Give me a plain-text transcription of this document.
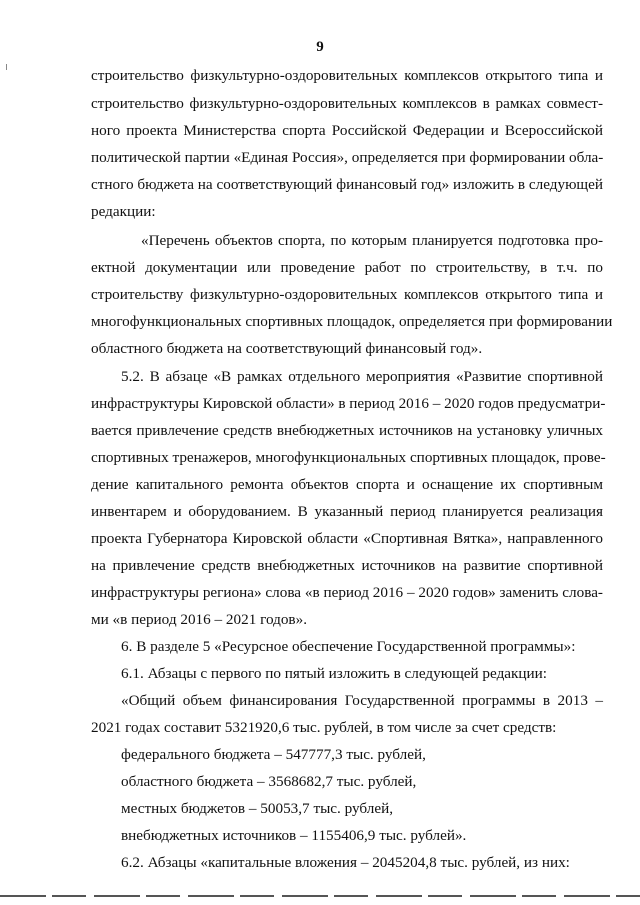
9
строительство физкультурно-оздоровительных комплексов открытого типа и
строительство физкультурно-оздоровительных комплексов в рамках совмест-
ного проекта Министерства спорта Российской Федерации и Всероссийской
политической партии «Единая Россия», определяется при формировании обла-
стного бюджета на соответствующий финансовый год» изложить в следующей
редакции:
«Перечень объектов спорта, по которым планируется подготовка про-
ектной документации или проведение работ по строительству, в т.ч. по
строительству физкультурно-оздоровительных комплексов открытого типа и
многофункциональных спортивных площадок, определяется при формировании
областного бюджета на соответствующий финансовый год».
5.2. В абзаце «В рамках отдельного мероприятия «Развитие спортивной
инфраструктуры Кировской области» в период 2016 – 2020 годов предусматри-
вается привлечение средств внебюджетных источников на установку уличных
спортивных тренажеров, многофункциональных спортивных площадок, прове-
дение капитального ремонта объектов спорта и оснащение их спортивным
инвентарем и оборудованием. В указанный период планируется реализация
проекта Губернатора Кировской области «Спортивная Вятка», направленного
на привлечение средств внебюджетных источников на развитие спортивной
инфраструктуры региона» слова «в период 2016 – 2020 годов» заменить слова-
ми «в период 2016 – 2021 годов».
6. В разделе 5 «Ресурсное обеспечение Государственной программы»:
6.1. Абзацы с первого по пятый изложить в следующей редакции:
«Общий объем финансирования Государственной программы в 2013 –
2021 годах составит 5321920,6 тыс. рублей, в том числе за счет средств:
федерального бюджета – 547777,3 тыс. рублей,
областного бюджета – 3568682,7 тыс. рублей,
местных бюджетов – 50053,7 тыс. рублей,
внебюджетных источников – 1155406,9 тыс. рублей».
6.2. Абзацы «капитальные вложения – 2045204,8 тыс. рублей, из них:
